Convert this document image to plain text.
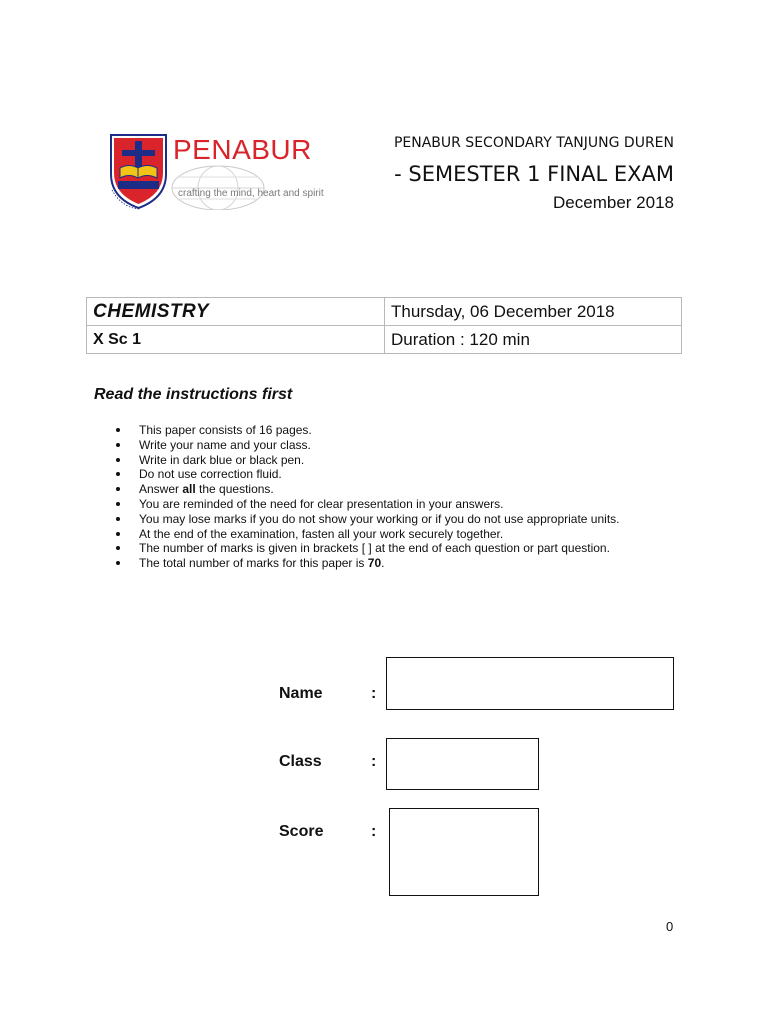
PENABUR
crafting the mind, heart and spirit
PENABUR SECONDARY TANJUNG DUREN
- SEMESTER 1 FINAL EXAM
December 2018
CHEMISTRY	Thursday, 06 December 2018
X Sc 1	Duration : 120 min
Read the instructions first
This paper consists of 16 pages.
Write your name and your class.
Write in dark blue or black pen.
Do not use correction fluid.
Answer all the questions.
You are reminded of the need for clear presentation in your answers.
You may lose marks if you do not show your working or if you do not use appropriate units.
At the end of the examination, fasten all your work securely together.
The number of marks is given in brackets [ ] at the end of each question or part question.
The total number of marks for this paper is 70.
Name	:
Class	:
Score	:
0
